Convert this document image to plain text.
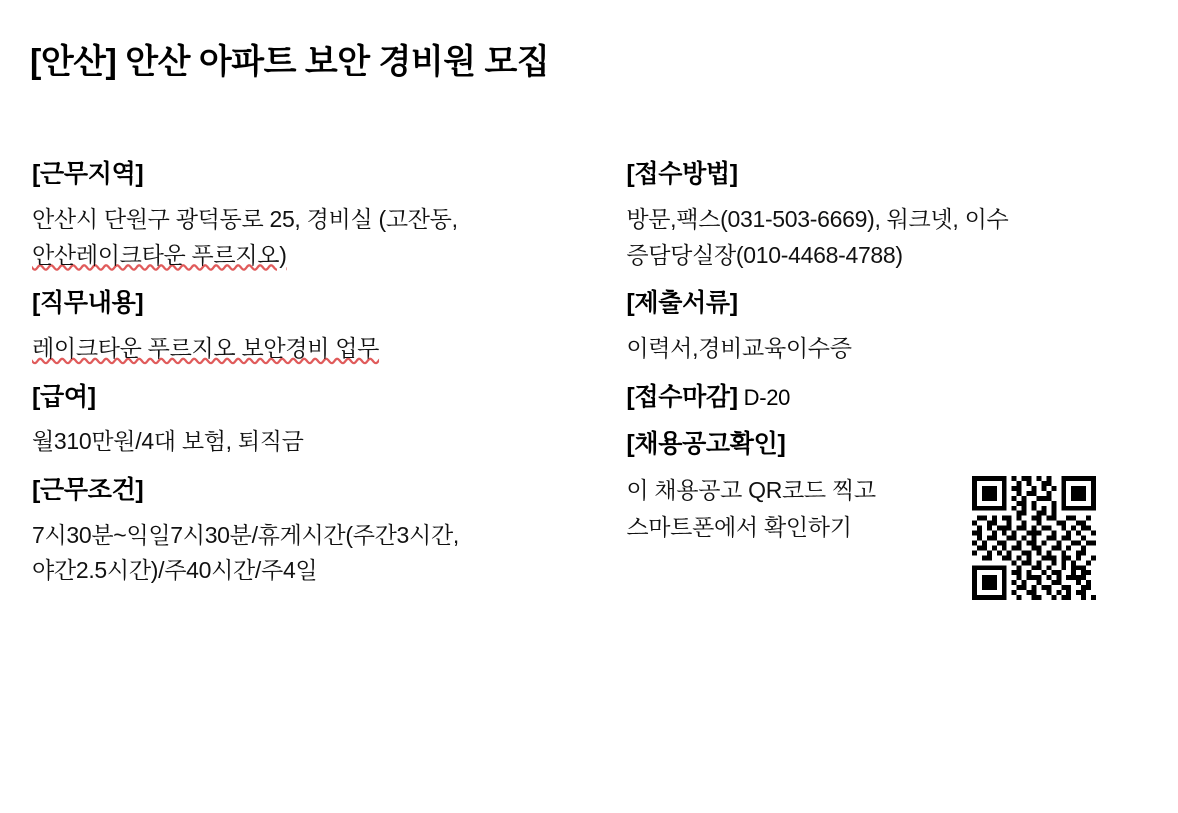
[안산] 안산 아파트 보안 경비원 모집
[근무지역]
안산시 단원구 광덕동로 25, 경비실 (고잔동,
안산레이크타운 푸르지오)
[직무내용]
레이크타운 푸르지오 보안경비 업무
[급여]
월310만원/4대 보험, 퇴직금
[근무조건]
7시30분~익일7시30분/휴게시간(주간3시간,
야간2.5시간)/주40시간/주4일
[접수방법]
방문,팩스(031-503-6669), 워크넷, 이수
증담당실장(010-4468-4788)
[제출서류]
이력서,경비교육이수증
[접수마감] D-20
[채용공고확인]
이 채용공고 QR코드 찍고
스마트폰에서 확인하기
